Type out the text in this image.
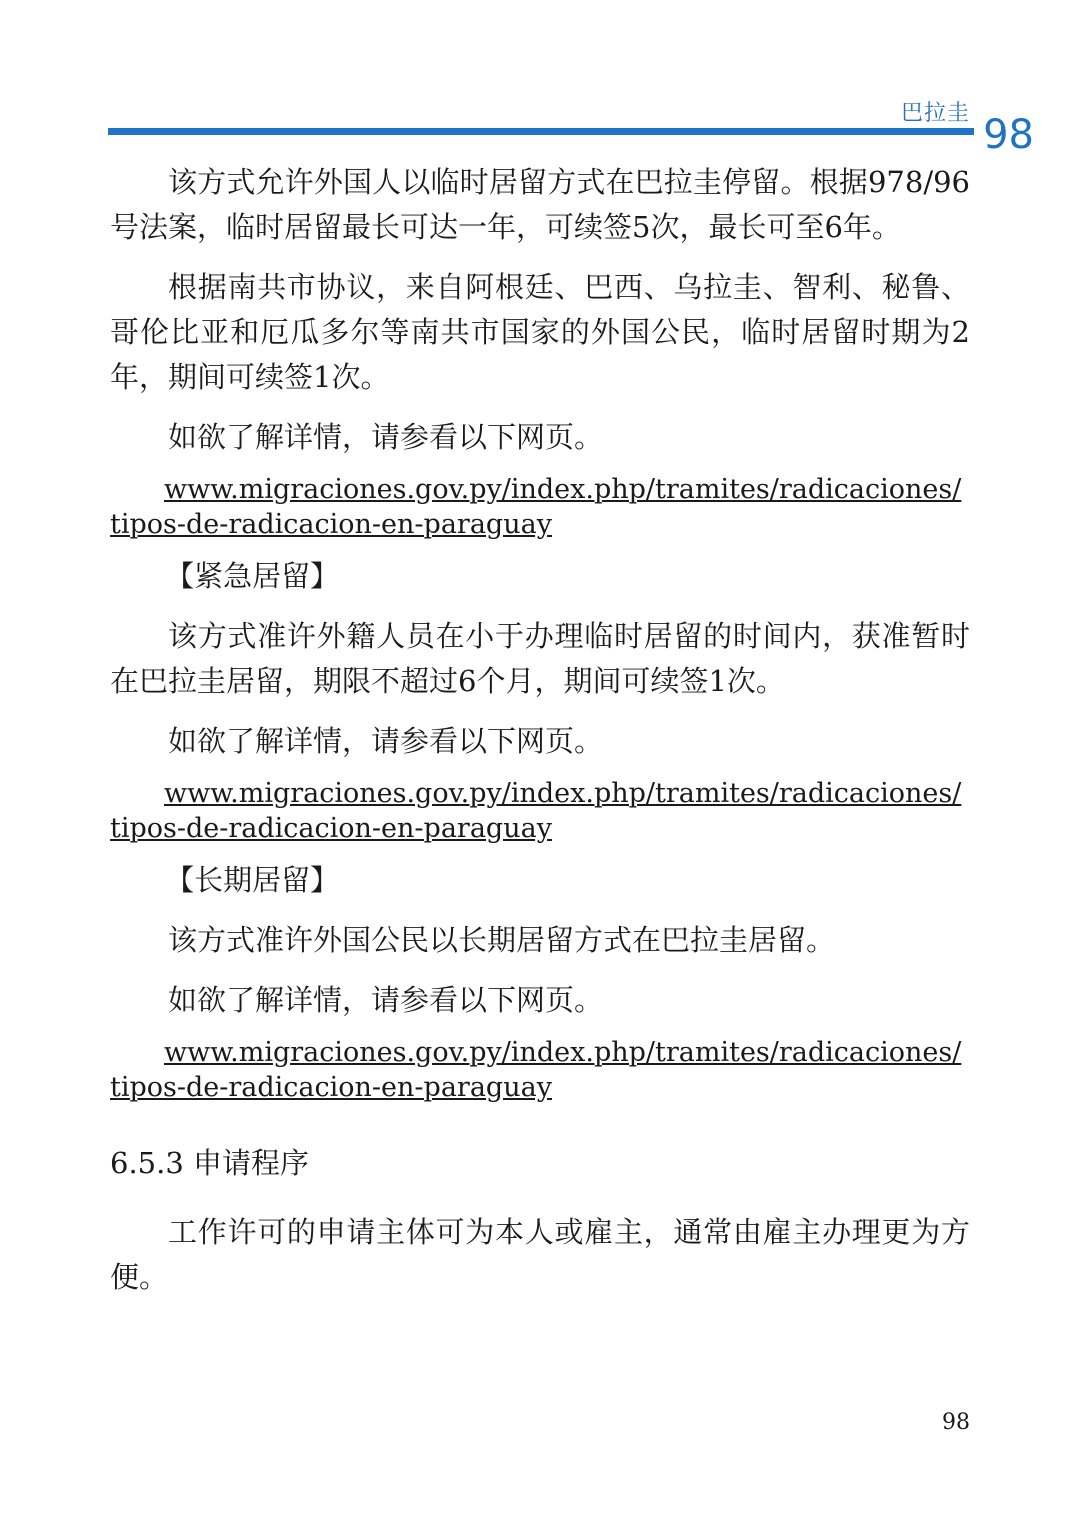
巴拉圭 98

该方式允许外国人以临时居留方式在巴拉圭停留。根据978/96号法案，临时居留最长可达一年，可续签5次，最长可至6年。

根据南共市协议，来自阿根廷、巴西、乌拉圭、智利、秘鲁、哥伦比亚和厄瓜多尔等南共市国家的外国公民，临时居留时期为2年，期间可续签1次。

如欲了解详情，请参看以下网页。

www.migraciones.gov.py/index.php/tramites/radicaciones/tipos-de-radicacion-en-paraguay

【紧急居留】

该方式准许外籍人员在小于办理临时居留的时间内，获准暂时在巴拉圭居留，期限不超过6个月，期间可续签1次。

如欲了解详情，请参看以下网页。

www.migraciones.gov.py/index.php/tramites/radicaciones/tipos-de-radicacion-en-paraguay

【长期居留】

该方式准许外国公民以长期居留方式在巴拉圭居留。

如欲了解详情，请参看以下网页。

www.migraciones.gov.py/index.php/tramites/radicaciones/tipos-de-radicacion-en-paraguay

6.5.3 申请程序

工作许可的申请主体可为本人或雇主，通常由雇主办理更为方便。

98
